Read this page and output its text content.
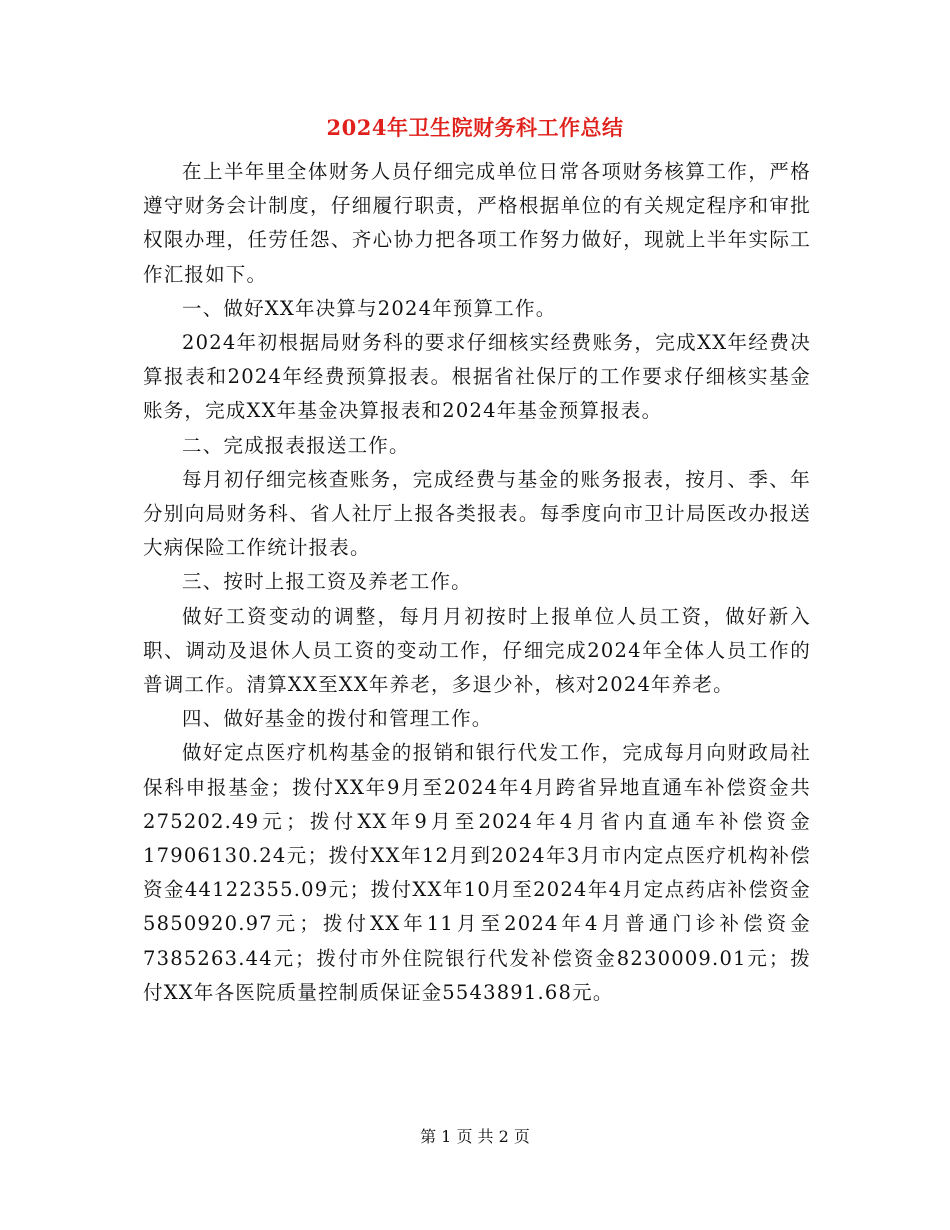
2024年卫生院财务科工作总结

在上半年里全体财务人员仔细完成单位日常各项财务核算工作，严格遵守财务会计制度，仔细履行职责，严格根据单位的有关规定程序和审批权限办理，任劳任怨、齐心协力把各项工作努力做好，现就上半年实际工作汇报如下。

一、做好XX年决算与2024年预算工作。

2024年初根据局财务科的要求仔细核实经费账务，完成XX年经费决算报表和2024年经费预算报表。根据省社保厅的工作要求仔细核实基金账务，完成XX年基金决算报表和2024年基金预算报表。

二、完成报表报送工作。

每月初仔细完核查账务，完成经费与基金的账务报表，按月、季、年分别向局财务科、省人社厅上报各类报表。每季度向市卫计局医改办报送大病保险工作统计报表。

三、按时上报工资及养老工作。

做好工资变动的调整，每月月初按时上报单位人员工资，做好新入职、调动及退休人员工资的变动工作，仔细完成2024年全体人员工作的普调工作。清算XX至XX年养老，多退少补，核对2024年养老。

四、做好基金的拨付和管理工作。

做好定点医疗机构基金的报销和银行代发工作，完成每月向财政局社保科申报基金；拨付XX年9月至2024年4月跨省异地直通车补偿资金共275202.49元；拨付XX年9月至2024年4月省内直通车补偿资金17906130.24元；拨付XX年12月到2024年3月市内定点医疗机构补偿资金44122355.09元；拨付XX年10月至2024年4月定点药店补偿资金5850920.97元；拨付XX年11月至2024年4月普通门诊补偿资金7385263.44元；拨付市外住院银行代发补偿资金8230009.01元；拨付XX年各医院质量控制质保证金5543891.68元。

第 1 页 共 2 页
